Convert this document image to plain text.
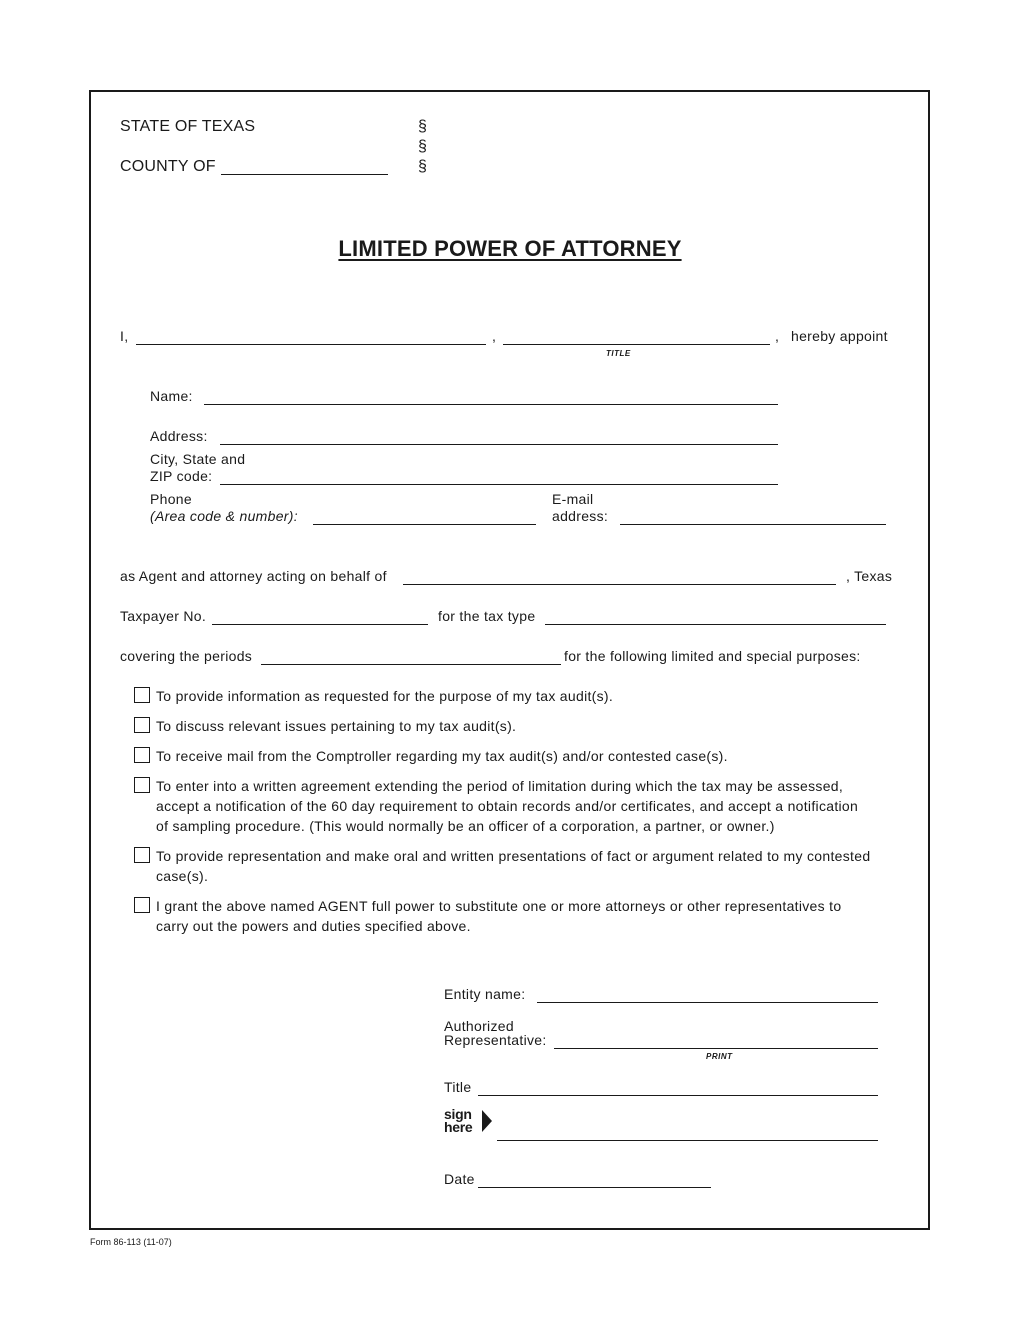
STATE OF TEXAS
COUNTY OF
§
§
§
LIMITED POWER OF ATTORNEY
I,	,	, hereby appoint
TITLE
Name:
Address:
City, State and
ZIP code:
Phone
(Area code & number):
E-mail
address:
as Agent and attorney acting on behalf of	, Texas
Taxpayer No.	for the tax type
covering the periods	for the following limited and special purposes:
To provide information as requested for the purpose of my tax audit(s).
To discuss relevant issues pertaining to my tax audit(s).
To receive mail from the Comptroller regarding my tax audit(s) and/or contested case(s).
To enter into a written agreement extending the period of limitation during which the tax may be assessed,
accept a notification of the 60 day requirement to obtain records and/or certificates, and accept a notification
of sampling procedure. (This would normally be an officer of a corporation, a partner, or owner.)
To provide representation and make oral and written presentations of fact or argument related to my contested
case(s).
I grant the above named AGENT full power to substitute one or more attorneys or other representatives to
carry out the powers and duties specified above.
Entity name:
Authorized
Representative:
PRINT
Title
sign
here
Date
Form 86-113 (11-07)
